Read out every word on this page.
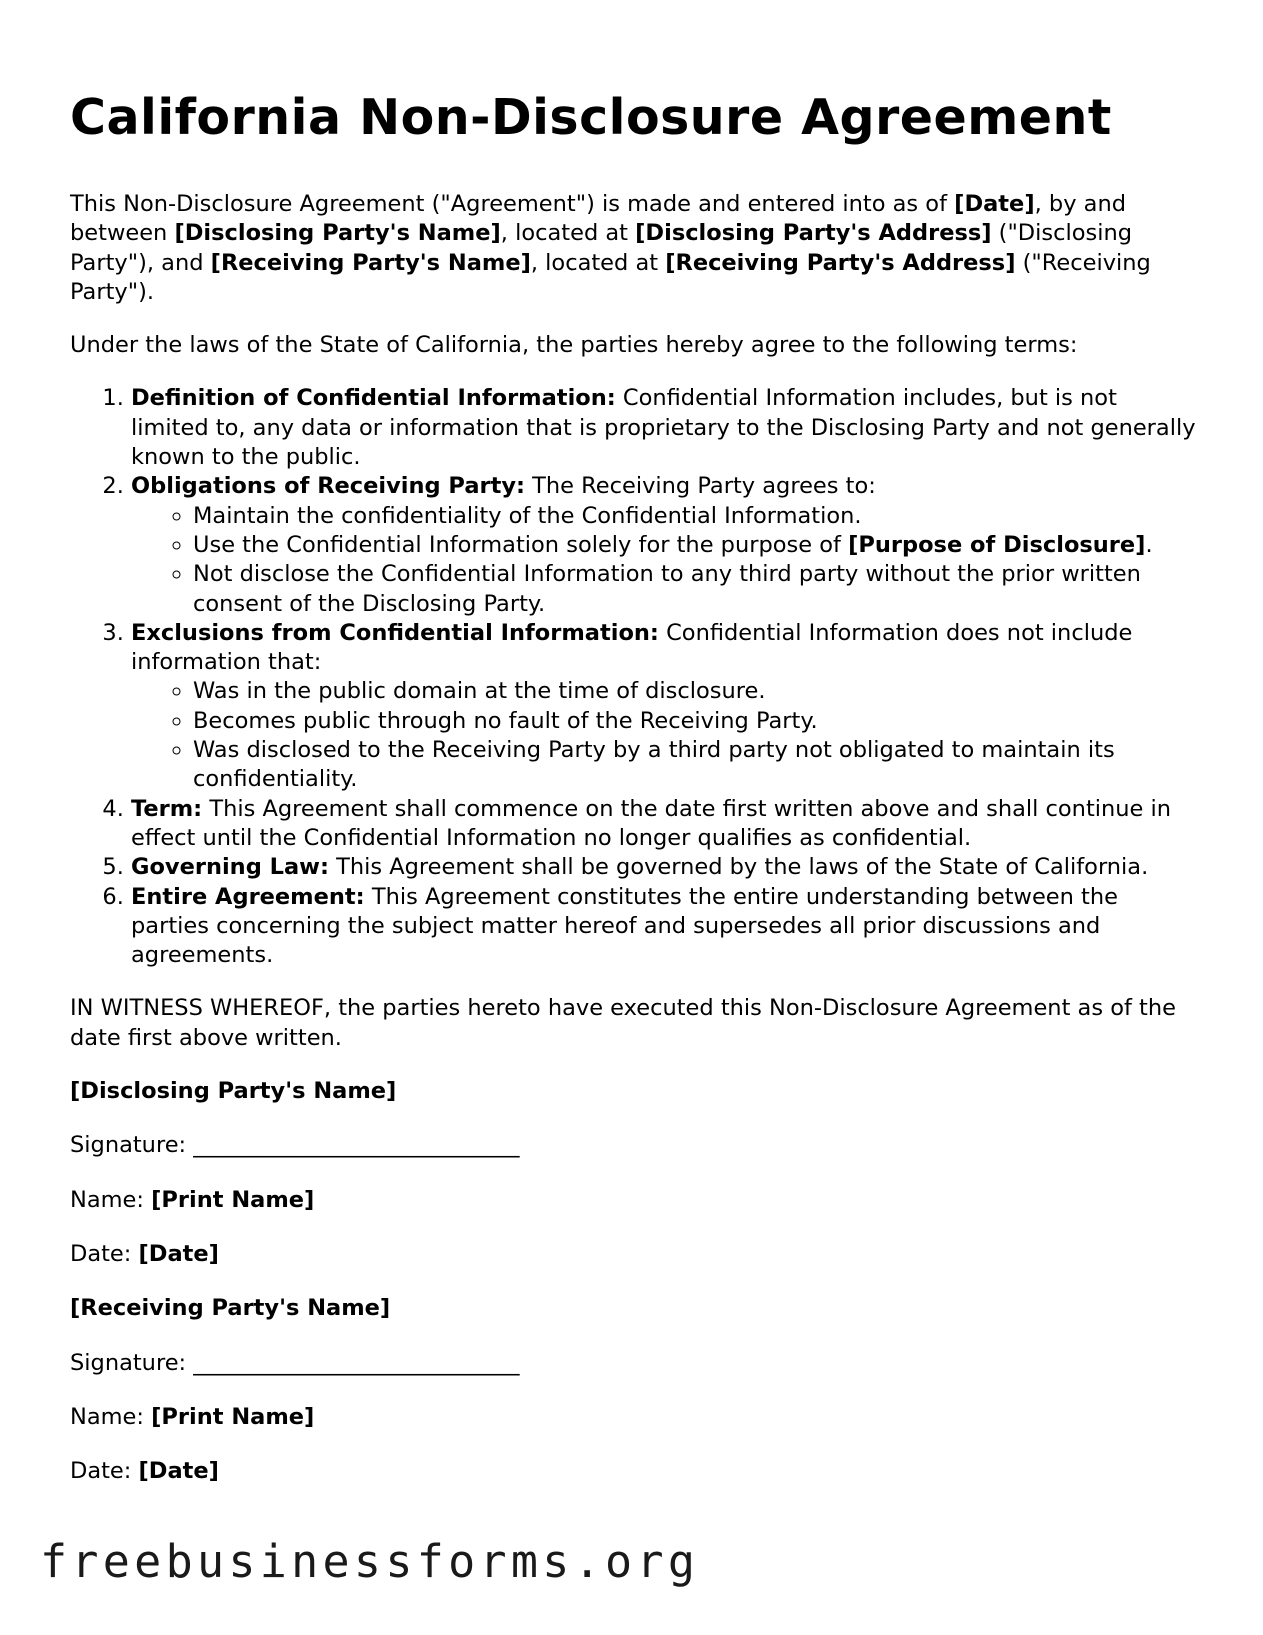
California Non-Disclosure Agreement

This Non-Disclosure Agreement ("Agreement") is made and entered into as of [Date], by and between [Disclosing Party's Name], located at [Disclosing Party's Address] ("Disclosing Party"), and [Receiving Party's Name], located at [Receiving Party's Address] ("Receiving Party").

Under the laws of the State of California, the parties hereby agree to the following terms:

1. Definition of Confidential Information: Confidential Information includes, but is not limited to, any data or information that is proprietary to the Disclosing Party and not generally known to the public.
2. Obligations of Receiving Party: The Receiving Party agrees to:
◦ Maintain the confidentiality of the Confidential Information.
◦ Use the Confidential Information solely for the purpose of [Purpose of Disclosure].
◦ Not disclose the Confidential Information to any third party without the prior written consent of the Disclosing Party.
3. Exclusions from Confidential Information: Confidential Information does not include information that:
◦ Was in the public domain at the time of disclosure.
◦ Becomes public through no fault of the Receiving Party.
◦ Was disclosed to the Receiving Party by a third party not obligated to maintain its confidentiality.
4. Term: This Agreement shall commence on the date first written above and shall continue in effect until the Confidential Information no longer qualifies as confidential.
5. Governing Law: This Agreement shall be governed by the laws of the State of California.
6. Entire Agreement: This Agreement constitutes the entire understanding between the parties concerning the subject matter hereof and supersedes all prior discussions and agreements.

IN WITNESS WHEREOF, the parties hereto have executed this Non-Disclosure Agreement as of the date first above written.

[Disclosing Party's Name]

Signature: _____________________________

Name: [Print Name]

Date: [Date]

[Receiving Party's Name]

Signature: _____________________________

Name: [Print Name]

Date: [Date]

freebusinessforms.org
